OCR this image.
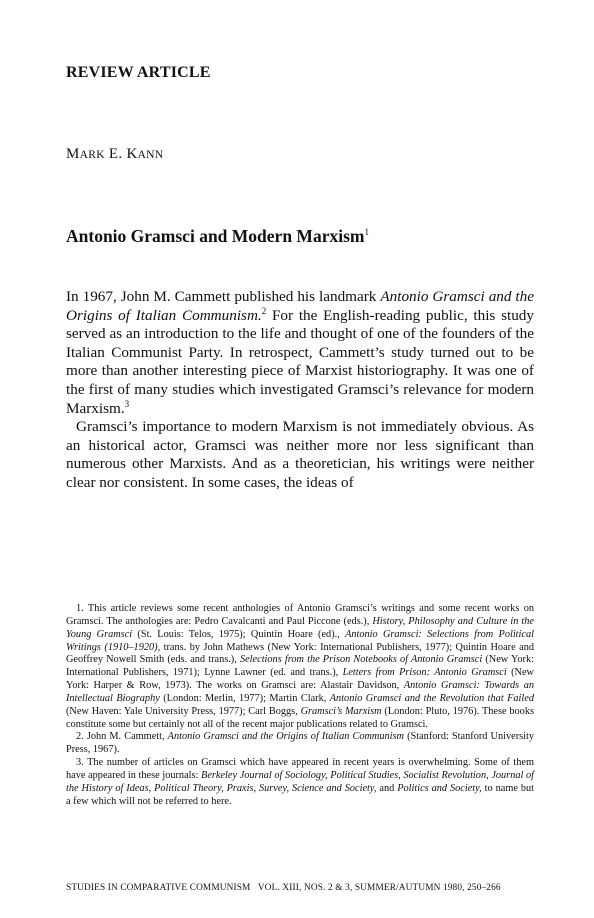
REVIEW ARTICLE
MARK E. KANN
Antonio Gramsci and Modern Marxism$^1$

In 1967, John M. Cammett published his landmark Antonio Gramsci and the Origins of Italian Communism.$^2$ For the English-reading public, this study served as an introduction to the life and thought of one of the founders of the Italian Communist Party. In retrospect, Cammett’s study turned out to be more than another interesting piece of Marxist historiography. It was one of the first of many studies which investigated Gramsci’s relevance for modern Marxism.$^3$

Gramsci’s importance to modern Marxism is not immediately obvious. As an historical actor, Gramsci was neither more nor less significant than numerous other Marxists. And as a theoretician, his writings were neither clear nor consistent. In some cases, the ideas of

1. This article reviews some recent anthologies of Antonio Gramsci’s writings and some recent works on Gramsci. The anthologies are: Pedro Cavalcanti and Paul Piccone (eds.), History, Philosophy and Culture in the Young Gramsci (St. Louis: Telos, 1975); Quintin Hoare (ed)., Antonio Gramsci: Selections from Political Writings (1910–1920), trans. by John Mathews (New York: International Publishers, 1977); Quintin Hoare and Geoffrey Nowell Smith (eds. and trans.), Selections from the Prison Notebooks of Antonio Gramsci (New York: International Publishers, 1971); Lynne Lawner (ed. and trans.), Letters from Prison: Antonio Gramsci (New York: Harper & Row, 1973). The works on Gramsci are: Alastair Davidson, Antonio Gramsci: Towards an Intellectual Biography (London: Merlin, 1977); Martin Clark, Antonio Gramsci and the Revolution that Failed (New Haven: Yale University Press, 1977); Carl Boggs, Gramsci’s Marxism (London: Pluto, 1976). These books constitute some but certainly not all of the recent major publications related to Gramsci.

2. John M. Cammett, Antonio Gramsci and the Origins of Italian Communism (Stanford: Stanford University Press, 1967).

3. The number of articles on Gramsci which have appeared in recent years is overwhelming. Some of them have appeared in these journals: Berkeley Journal of Sociology, Political Studies, Socialist Revolution, Journal of the History of Ideas, Political Theory, Praxis, Survey, Science and Society, and Politics and Society, to name but a few which will not be referred to here.

STUDIES IN COMPARATIVE COMMUNISM VOL. XIII, NOS. 2 & 3, SUMMER/AUTUMN 1980, 250–266
